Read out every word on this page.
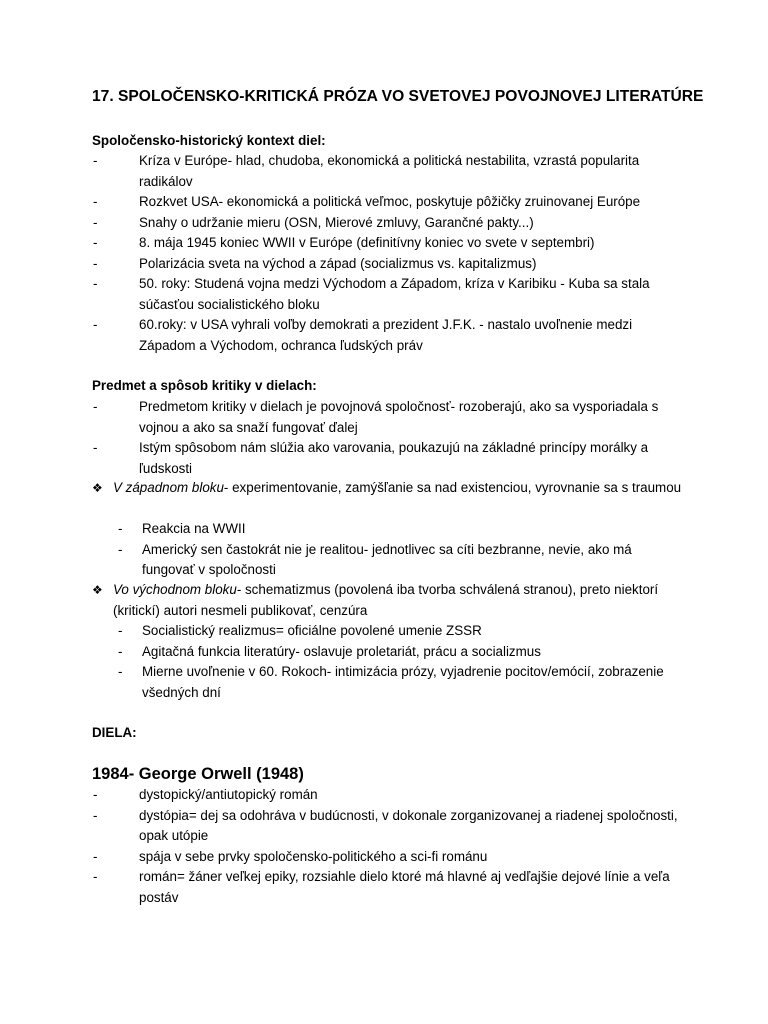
17. SPOLOČENSKO-KRITICKÁ PRÓZA VO SVETOVEJ POVOJNOVEJ LITERATÚRE

Spoločensko-historický kontext diel:

- Kríza v Európe- hlad, chudoba, ekonomická a politická nestabilita, vzrastá popularita radikálov
- Rozkvet USA- ekonomická a politická veľmoc, poskytuje pôžičky zruinovanej Európe
- Snahy o udržanie mieru (OSN, Mierové zmluvy, Garančné pakty...)
- 8. mája 1945 koniec WWII v Európe (definitívny koniec vo svete v septembri)
- Polarizácia sveta na východ a západ (socializmus vs. kapitalizmus)
- 50. roky: Studená vojna medzi Východom a Západom, kríza v Karibiku - Kuba sa stala súčasťou socialistického bloku
- 60.roky: v USA vyhrali voľby demokrati a prezident J.F.K. - nastalo uvoľnenie medzi Západom a Východom, ochranca ľudských práv

Predmet a spôsob kritiky v dielach:

- Predmetom kritiky v dielach je povojnová spoločnosť- rozoberajú, ako sa vysporiadala s vojnou a ako sa snaží fungovať ďalej
- Istým spôsobom nám slúžia ako varovania, poukazujú na základné princípy morálky a ľudskosti
❖ V západnom bloku- experimentovanie, zamýšľanie sa nad existenciou, vyrovnanie sa s traumou
- Reakcia na WWII
- Americký sen častokrát nie je realitou- jednotlivec sa cíti bezbranne, nevie, ako má fungovať v spoločnosti
❖ Vo východnom bloku- schematizmus (povolená iba tvorba schválená stranou), preto niektorí (kritickí) autori nesmeli publikovať, cenzúra
- Socialistický realizmus= oficiálne povolené umenie ZSSR
- Agitačná funkcia literatúry- oslavuje proletariát, prácu a socializmus
- Mierne uvoľnenie v 60. Rokoch- intimizácia prózy, vyjadrenie pocitov/emócií, zobrazenie všedných dní

DIELA:

1984- George Orwell (1948)

- dystopický/antiutopický román
- dystópia= dej sa odohráva v budúcnosti, v dokonale zorganizovanej a riadenej spoločnosti, opak utópie
- spája v sebe prvky spoločensko-politického a sci-fi románu
- román= žáner veľkej epiky, rozsiahle dielo ktoré má hlavné aj vedľajšie dejové línie a veľa postáv
